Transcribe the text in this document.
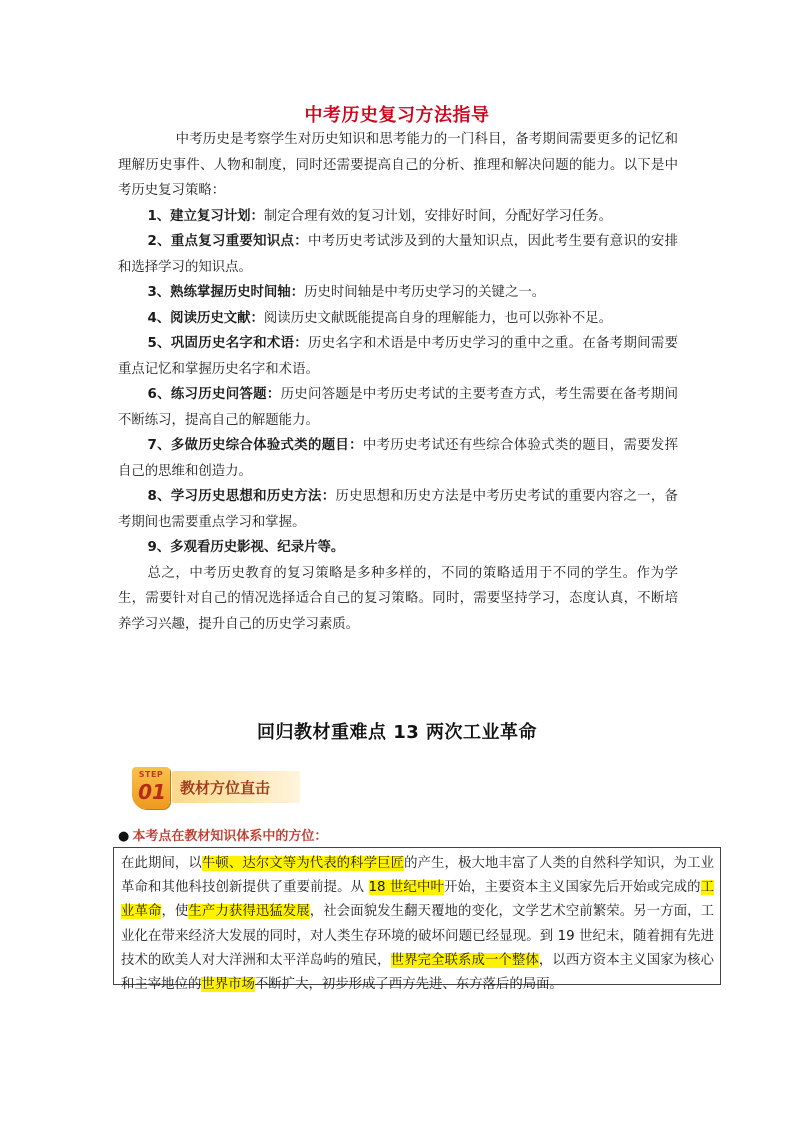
中考历史复习方法指导

中考历史是考察学生对历史知识和思考能力的一门科目，备考期间需要更多的记忆和理解历史事件、人物和制度，同时还需要提高自己的分析、推理和解决问题的能力。以下是中考历史复习策略：

1、建立复习计划：制定合理有效的复习计划，安排好时间，分配好学习任务。

2、重点复习重要知识点：中考历史考试涉及到的大量知识点，因此考生要有意识的安排和选择学习的知识点。

3、熟练掌握历史时间轴：历史时间轴是中考历史学习的关键之一。

4、阅读历史文献：阅读历史文献既能提高自身的理解能力，也可以弥补不足。

5、巩固历史名字和术语：历史名字和术语是中考历史学习的重中之重。在备考期间需要重点记忆和掌握历史名字和术语。

6、练习历史问答题：历史问答题是中考历史考试的主要考查方式，考生需要在备考期间不断练习，提高自己的解题能力。

7、多做历史综合体验式类的题目：中考历史考试还有些综合体验式类的题目，需要发挥自己的思维和创造力。

8、学习历史思想和历史方法：历史思想和历史方法是中考历史考试的重要内容之一，备考期间也需要重点学习和掌握。

9、多观看历史影视、纪录片等。

总之，中考历史教育的复习策略是多种多样的，不同的策略适用于不同的学生。作为学生，需要针对自己的情况选择适合自己的复习策略。同时，需要坚持学习，态度认真，不断培养学习兴趣，提升自己的历史学习素质。

回归教材重难点 13 两次工业革命
STEP
01 教材方位直击
● 本考点在教材知识体系中的方位：
在此期间，以牛顿、达尔文等为代表的科学巨匠的产生，极大地丰富了人类的自然科学知识，为工业革命和其他科技创新提供了重要前提。从 18 世纪中叶开始，主要资本主义国家先后开始或完成的工业革命，使生产力获得迅猛发展，社会面貌发生翻天覆地的变化，文学艺术空前繁荣。另一方面，工业化在带来经济大发展的同时，对人类生存环境的破坏问题已经显现。到 19 世纪末，随着拥有先进技术的欧美人对大洋洲和太平洋岛屿的殖民，世界完全联系成一个整体，以西方资本主义国家为核心和主宰地位的世界市场不断扩大，初步形成了西方先进、东方落后的局面。
